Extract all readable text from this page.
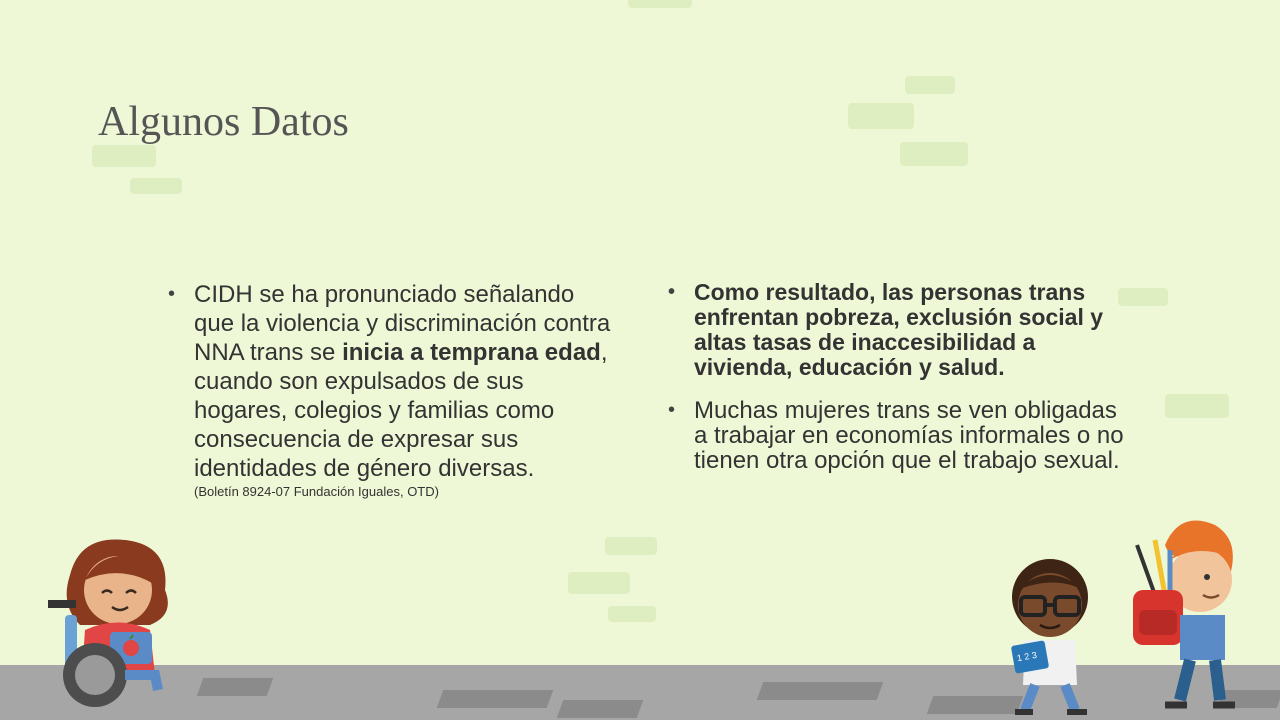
Algunos Datos

• CIDH se ha pronunciado señalando que la violencia y discriminación contra NNA trans se inicia a temprana edad, cuando son expulsados de sus hogares, colegios y familias como consecuencia de expresar sus identidades de género diversas.
(Boletín 8924-07 Fundación Iguales, OTD)

• Como resultado, las personas trans enfrentan pobreza, exclusión social y altas tasas de inaccesibilidad a vivienda, educación y salud.

• Muchas mujeres trans se ven obligadas a trabajar en economías informales o no tienen otra opción que el trabajo sexual.

1 2 3
